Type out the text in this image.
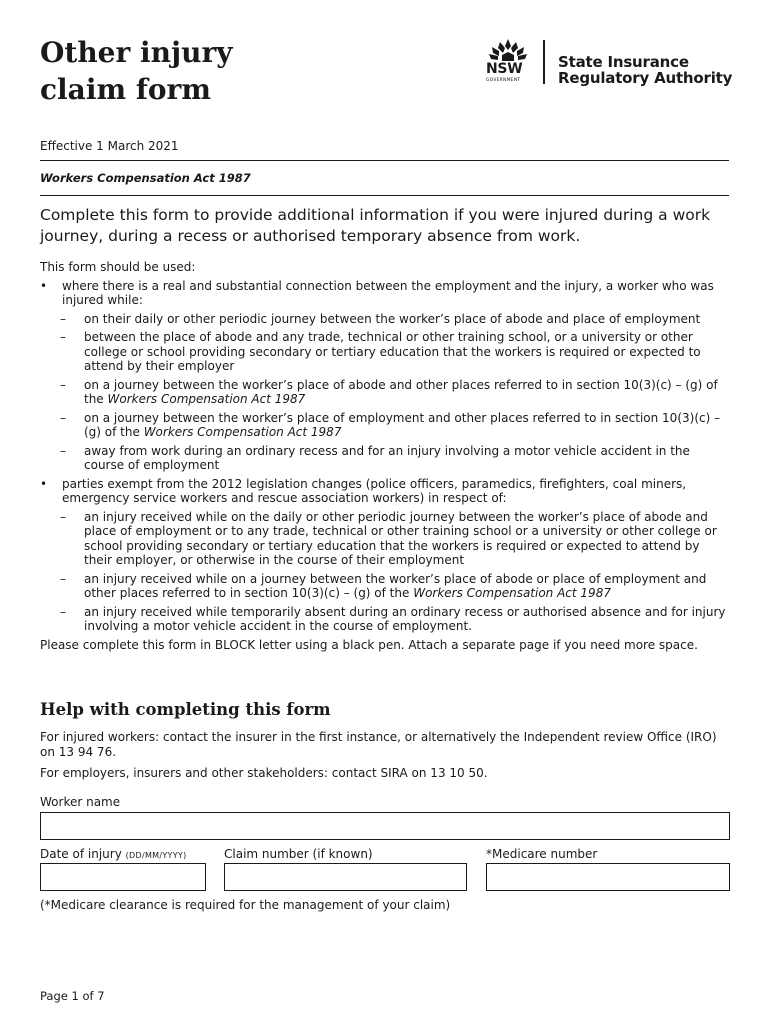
Other injury
claim form
NSW
GOVERNMENT
State Insurance
Regulatory Authority
Effective 1 March 2021
Workers Compensation Act 1987
Complete this form to provide additional information if you were injured during a work journey, during a recess or authorised temporary absence from work.

This form should be used:

• where there is a real and substantial connection between the employment and the injury, a worker who was injured while:

– on their daily or other periodic journey between the worker’s place of abode and place of employment

– between the place of abode and any trade, technical or other training school, or a university or other college or school providing secondary or tertiary education that the workers is required or expected to attend by their employer

– on a journey between the worker’s place of abode and other places referred to in section 10(3)(c) – (g) of the Workers Compensation Act 1987

– on a journey between the worker’s place of employment and other places referred to in section 10(3)(c) – (g) of the Workers Compensation Act 1987

– away from work during an ordinary recess and for an injury involving a motor vehicle accident in the course of employment

• parties exempt from the 2012 legislation changes (police officers, paramedics, firefighters, coal miners, emergency service workers and rescue association workers) in respect of:

– an injury received while on the daily or other periodic journey between the worker’s place of abode and place of employment or to any trade, technical or other training school or a university or other college or school providing secondary or tertiary education that the workers is required or expected to attend by their employer, or otherwise in the course of their employment

– an injury received while on a journey between the worker’s place of abode or place of employment and other places referred to in section 10(3)(c) – (g) of the Workers Compensation Act 1987

– an injury received while temporarily absent during an ordinary recess or authorised absence and for injury involving a motor vehicle accident in the course of employment.

Please complete this form in BLOCK letter using a black pen. Attach a separate page if you need more space.

Help with completing this form

For injured workers: contact the insurer in the first instance, or alternatively the Independent review Office (IRO) on 13 94 76.

For employers, insurers and other stakeholders: contact SIRA on 13 10 50.

Worker name
Date of injury (DD/MM/YYYY)	Claim number (if known)	*Medicare number
(*Medicare clearance is required for the management of your claim)
Page 1 of 7
